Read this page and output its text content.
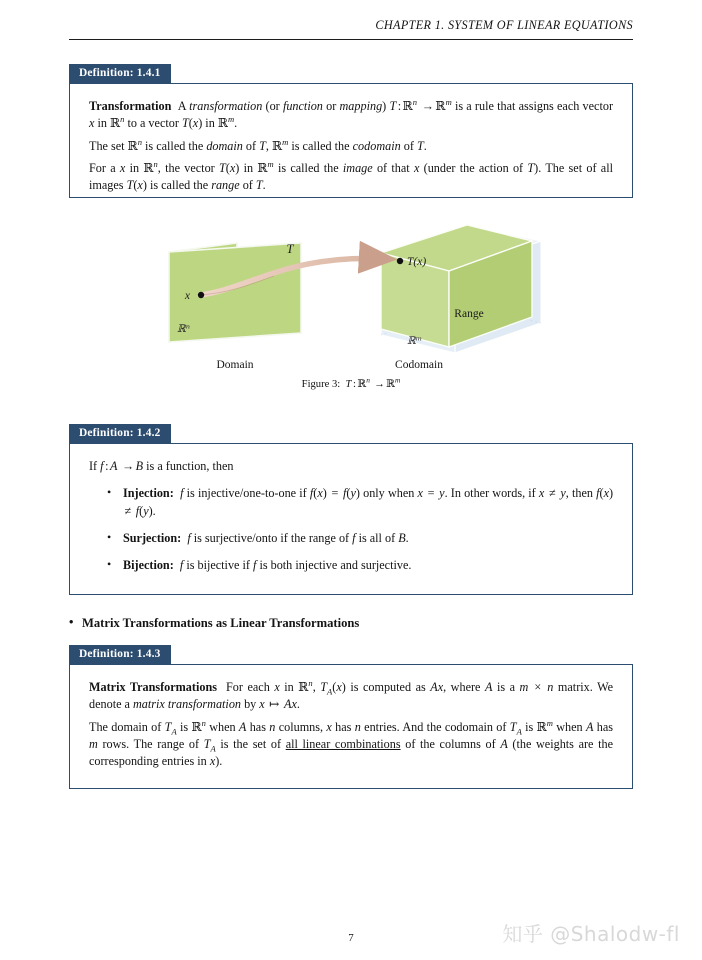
CHAPTER 1. SYSTEM OF LINEAR EQUATIONS
Definition: 1.4.1

Transformation  A transformation (or function or mapping) T : ℝ$^n$ → ℝ$^m$ is a rule that assigns each vector x in ℝ$^n$ to a vector T(x) in ℝ$^m$.

The set ℝ$^n$ is called the domain of T, ℝ$^m$ is called the codomain of T.

For a x in ℝ$^n$, the vector T(x) in ℝ$^m$ is called the image of that x (under the action of T). The set of all images T(x) is called the range of T.

T
x
T(x)
ℝⁿ
ℝᵐ
Range
Domain	Codomain
Figure 3: T : ℝ$^n$ → ℝ$^m$
Definition: 1.4.2

If f : A → B is a function, then

• Injection: f is injective/one-to-one if f(x) = f(y) only when x = y. In other words, if x ≠ y, then f(x) ≠ f(y).
• Surjection: f is surjective/onto if the range of f is all of B.
• Bijection: f is bijective if f is both injective and surjective.
• Matrix Transformations as Linear Transformations
Definition: 1.4.3

Matrix Transformations  For each x in ℝ$^n$, $T_A(x)$ is computed as Ax, where A is a m × n matrix. We denote a matrix transformation by x ↦ Ax.

The domain of $T_A$ is ℝ$^n$ when A has n columns, x has n entries. And the codomain of $T_A$ is ℝ$^m$ when A has m rows. The range of $T_A$ is the set of all linear combinations of the columns of A (the weights are the corresponding entries in x).

7	知乎 @Shalodw-fl
